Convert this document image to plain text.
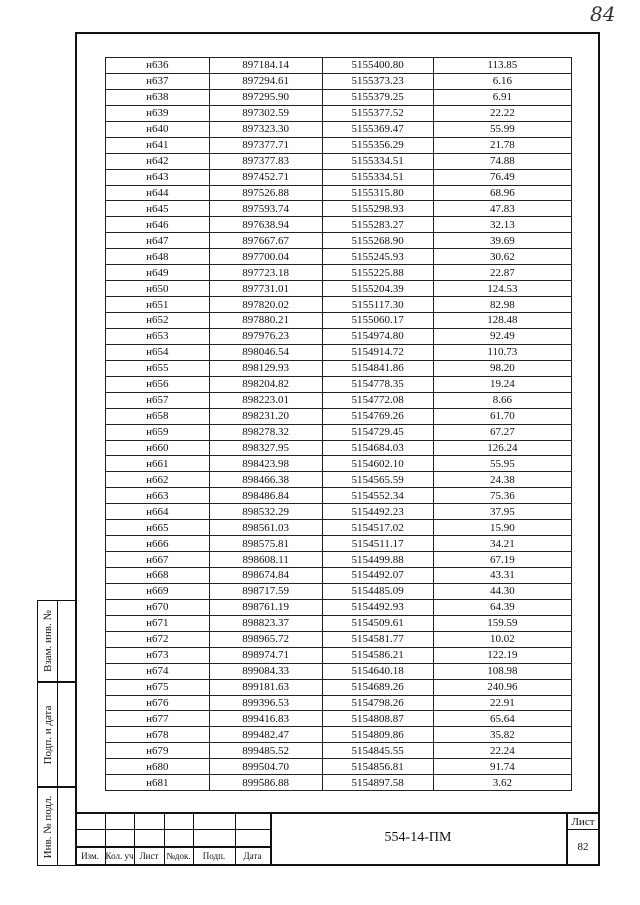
84
н636	897184.14	5155400.80	113.85
н637	897294.61	5155373.23	6.16
н638	897295.90	5155379.25	6.91
н639	897302.59	5155377.52	22.22
н640	897323.30	5155369.47	55.99
н641	897377.71	5155356.29	21.78
н642	897377.83	5155334.51	74.88
н643	897452.71	5155334.51	76.49
н644	897526.88	5155315.80	68.96
н645	897593.74	5155298.93	47.83
н646	897638.94	5155283.27	32.13
н647	897667.67	5155268.90	39.69
н648	897700.04	5155245.93	30.62
н649	897723.18	5155225.88	22.87
н650	897731.01	5155204.39	124.53
н651	897820.02	5155117.30	82.98
н652	897880.21	5155060.17	128.48
н653	897976.23	5154974.80	92.49
н654	898046.54	5154914.72	110.73
н655	898129.93	5154841.86	98.20
н656	898204.82	5154778.35	19.24
н657	898223.01	5154772.08	8.66
н658	898231.20	5154769.26	61.70
н659	898278.32	5154729.45	67.27
н660	898327.95	5154684.03	126.24
н661	898423.98	5154602.10	55.95
н662	898466.38	5154565.59	24.38
н663	898486.84	5154552.34	75.36
н664	898532.29	5154492.23	37.95
н665	898561.03	5154517.02	15.90
н666	898575.81	5154511.17	34.21
н667	898608.11	5154499.88	67.19
н668	898674.84	5154492.07	43.31
н669	898717.59	5154485.09	44.30
н670	898761.19	5154492.93	64.39
н671	898823.37	5154509.61	159.59
н672	898965.72	5154581.77	10.02
н673	898974.71	5154586.21	122.19
н674	899084.33	5154640.18	108.98
н675	899181.63	5154689.26	240.96
н676	899396.53	5154798.26	22.91
н677	899416.83	5154808.87	65.64
н678	899482.47	5154809.86	35.82
н679	899485.52	5154845.55	22.24
н680	899504.70	5154856.81	91.74
н681	899586.88	5154897.58	3.62
Взам. инв. №
Подп. и дата
Инв. № подл.	Изм. Кол. уч Лист №док.	Подп.	Дата
554-14-ПМ
Лист
82
